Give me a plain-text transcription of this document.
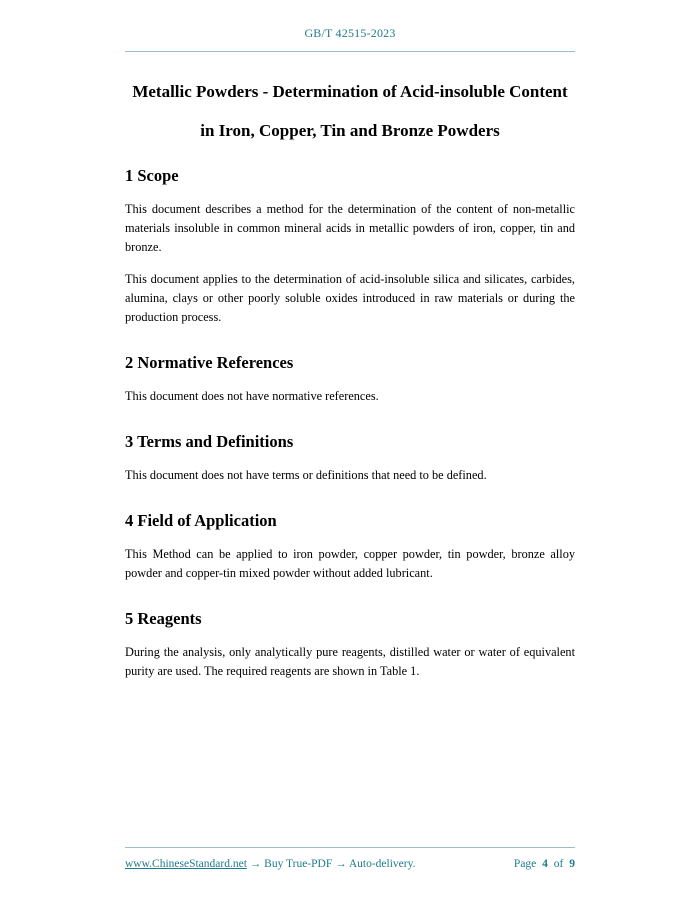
GB/T 42515-2023
Metallic Powders - Determination of Acid-insoluble Content
in Iron, Copper, Tin and Bronze Powders
1 Scope

This document describes a method for the determination of the content of non-metallic materials insoluble in common mineral acids in metallic powders of iron, copper, tin and bronze.

This document applies to the determination of acid-insoluble silica and silicates, carbides, alumina, clays or other poorly soluble oxides introduced in raw materials or during the production process.

2 Normative References

This document does not have normative references.

3 Terms and Definitions

This document does not have terms or definitions that need to be defined.

4 Field of Application

This Method can be applied to iron powder, copper powder, tin powder, bronze alloy powder and copper-tin mixed powder without added lubricant.

5 Reagents

During the analysis, only analytically pure reagents, distilled water or water of equivalent purity are used. The required reagents are shown in Table 1.

www.ChineseStandard.net → Buy True-PDF → Auto-delivery.	Page 4 of 9
